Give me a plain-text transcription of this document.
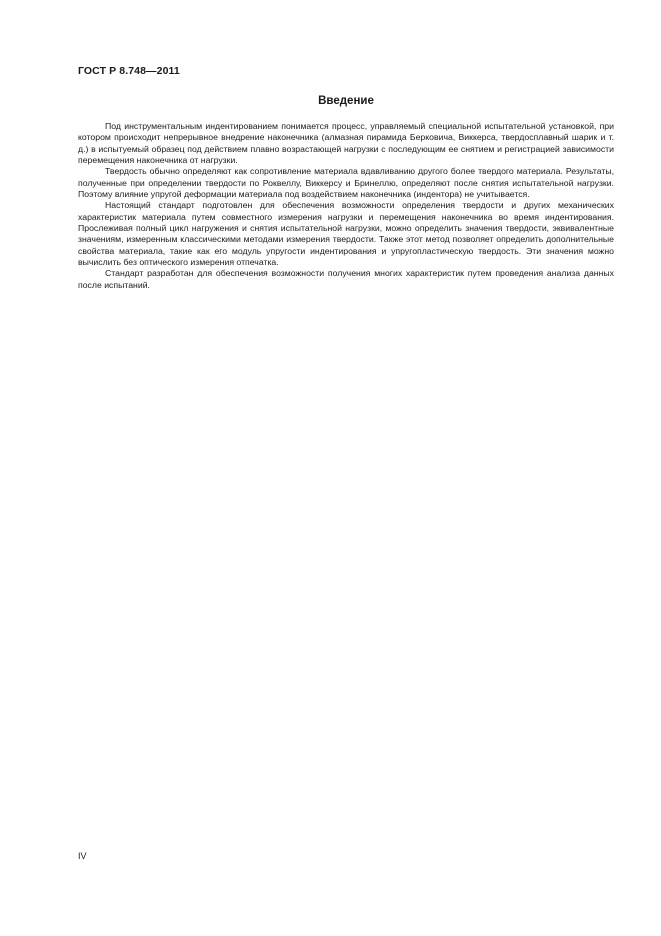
ГОСТ Р 8.748—2011
Введение

Под инструментальным индентированием понимается процесс, управляемый специальной испытательной установкой, при котором происходит непрерывное внедрение наконечника (алмазная пирамида Берковича, Виккерса, твердосплавный шарик и т. д.) в испытуемый образец под действием плавно возрастающей нагрузки с последующим ее снятием и регистрацией зависимости перемещения наконечника от нагрузки.

Твердость обычно определяют как сопротивление материала вдавливанию другого более твердого материала. Результаты, полученные при определении твердости по Роквеллу, Виккерсу и Бринеллю, определяют после снятия испытательной нагрузки. Поэтому влияние упругой деформации материала под воздействием наконечника (индентора) не учитывается.

Настоящий стандарт подготовлен для обеспечения возможности определения твердости и других механических характеристик материала путем совместного измерения нагрузки и перемещения наконечника во время индентирования. Прослеживая полный цикл нагружения и снятия испытательной нагрузки, можно определить значения твердости, эквивалентные значениям, измеренным классическими методами измерения твердости. Также этот метод позволяет определить дополнительные свойства материала, такие как его модуль упругости индентирования и упругопластическую твердость. Эти значения можно вычислить без оптического измерения отпечатка.

Стандарт разработан для обеспечения возможности получения многих характеристик путем проведения анализа данных после испытаний.

IV
